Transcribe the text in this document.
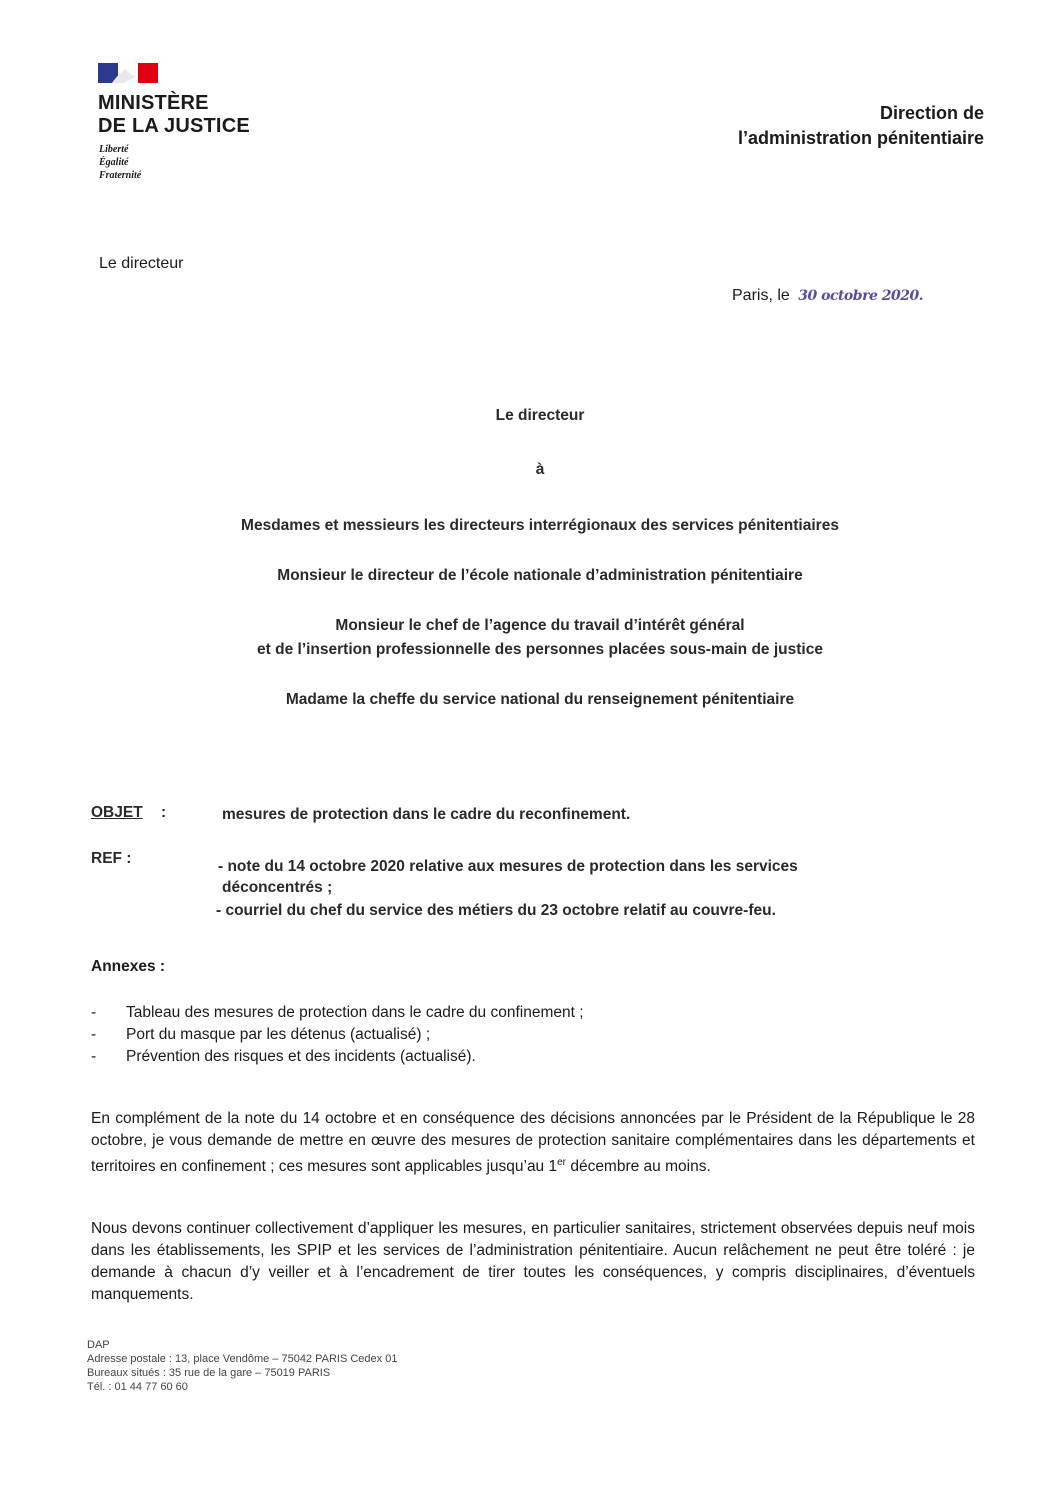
MINISTÈRE
DE LA JUSTICE
Liberté
Égalité
Fraternité
Direction de
l’administration pénitentiaire
Le directeur
Paris, le 30 octobre 2020.

Le directeur

à

Mesdames et messieurs les directeurs interrégionaux des services pénitentiaires

Monsieur le directeur de l’école nationale d’administration pénitentiaire

Monsieur le chef de l’agence du travail d’intérêt général

et de l’insertion professionnelle des personnes placées sous-main de justice

Madame la cheffe du service national du renseignement pénitentiaire

OBJET :	mesures de protection dans le cadre du reconfinement.
REF :	- note du 14 octobre 2020 relative aux mesures de protection dans les services
déconcentrés ;
- courriel du chef du service des métiers du 23 octobre relatif au couvre-feu.
Annexes :
- Tableau des mesures de protection dans le cadre du confinement ;
- Port du masque par les détenus (actualisé) ;
- Prévention des risques et des incidents (actualisé).
En complément de la note du 14 octobre et en conséquence des décisions annoncées par le Président de la République le 28 octobre, je vous demande de mettre en œuvre des mesures de protection sanitaire complémentaires dans les départements et territoires en confinement ; ces mesures sont applicables jusqu’au 1er décembre au moins.
Nous devons continuer collectivement d’appliquer les mesures, en particulier sanitaires, strictement observées depuis neuf mois dans les établissements, les SPIP et les services de l’administration pénitentiaire. Aucun relâchement ne peut être toléré : je demande à chacun d’y veiller et à l’encadrement de tirer toutes les conséquences, y compris disciplinaires, d’éventuels manquements.
DAP
Adresse postale : 13, place Vendôme – 75042 PARIS Cedex 01
Bureaux situés : 35 rue de la gare – 75019 PARIS
Tél. : 01 44 77 60 60
